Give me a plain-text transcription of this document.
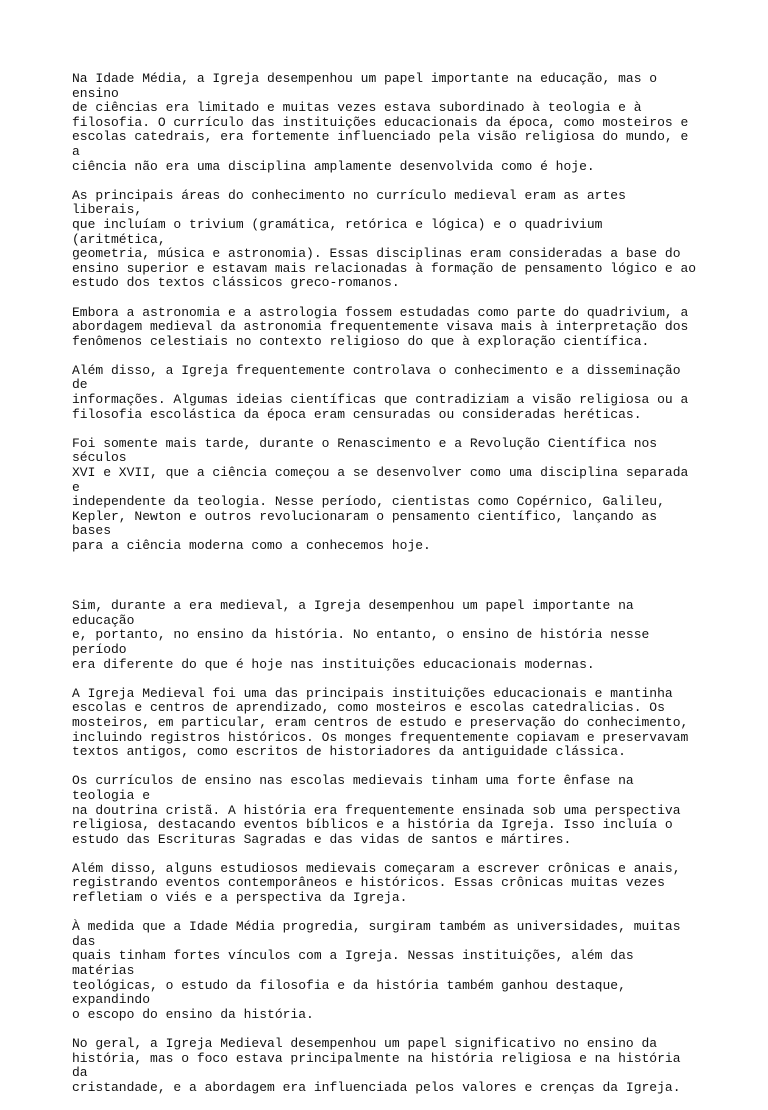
Na Idade Média, a Igreja desempenhou um papel importante na educação, mas o ensino
de ciências era limitado e muitas vezes estava subordinado à teologia e à
filosofia. O currículo das instituições educacionais da época, como mosteiros e
escolas catedrais, era fortemente influenciado pela visão religiosa do mundo, e a
ciência não era uma disciplina amplamente desenvolvida como é hoje.

As principais áreas do conhecimento no currículo medieval eram as artes liberais,
que incluíam o trivium (gramática, retórica e lógica) e o quadrivium (aritmética,
geometria, música e astronomia). Essas disciplinas eram consideradas a base do
ensino superior e estavam mais relacionadas à formação de pensamento lógico e ao
estudo dos textos clássicos greco-romanos.

Embora a astronomia e a astrologia fossem estudadas como parte do quadrivium, a
abordagem medieval da astronomia frequentemente visava mais à interpretação dos
fenômenos celestiais no contexto religioso do que à exploração científica.

Além disso, a Igreja frequentemente controlava o conhecimento e a disseminação de
informações. Algumas ideias científicas que contradiziam a visão religiosa ou a
filosofia escolástica da época eram censuradas ou consideradas heréticas.

Foi somente mais tarde, durante o Renascimento e a Revolução Científica nos séculos
XVI e XVII, que a ciência começou a se desenvolver como uma disciplina separada e
independente da teologia. Nesse período, cientistas como Copérnico, Galileu,
Kepler, Newton e outros revolucionaram o pensamento científico, lançando as bases
para a ciência moderna como a conhecemos hoje.

Sim, durante a era medieval, a Igreja desempenhou um papel importante na educação
e, portanto, no ensino da história. No entanto, o ensino de história nesse período
era diferente do que é hoje nas instituições educacionais modernas.

A Igreja Medieval foi uma das principais instituições educacionais e mantinha
escolas e centros de aprendizado, como mosteiros e escolas catedralicias. Os
mosteiros, em particular, eram centros de estudo e preservação do conhecimento,
incluindo registros históricos. Os monges frequentemente copiavam e preservavam
textos antigos, como escritos de historiadores da antiguidade clássica.

Os currículos de ensino nas escolas medievais tinham uma forte ênfase na teologia e
na doutrina cristã. A história era frequentemente ensinada sob uma perspectiva
religiosa, destacando eventos bíblicos e a história da Igreja. Isso incluía o
estudo das Escrituras Sagradas e das vidas de santos e mártires.

Além disso, alguns estudiosos medievais começaram a escrever crônicas e anais,
registrando eventos contemporâneos e históricos. Essas crônicas muitas vezes
refletiam o viés e a perspectiva da Igreja.

À medida que a Idade Média progredia, surgiram também as universidades, muitas das
quais tinham fortes vínculos com a Igreja. Nessas instituições, além das matérias
teológicas, o estudo da filosofia e da história também ganhou destaque, expandindo
o escopo do ensino da história.

No geral, a Igreja Medieval desempenhou um papel significativo no ensino da
história, mas o foco estava principalmente na história religiosa e na história da
cristandade, e a abordagem era influenciada pelos valores e crenças da Igreja.
